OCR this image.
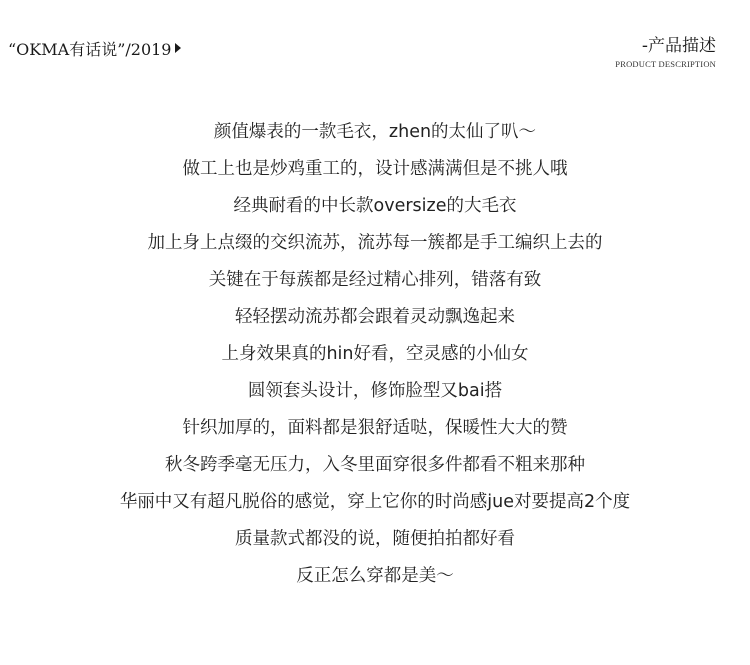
“OKMA有话说”/2019	-产品描述
PRODUCT DESCRIPTION
颜值爆表的一款毛衣，zhen的太仙了叭～
做工上也是炒鸡重工的，设计感满满但是不挑人哦
经典耐看的中长款oversize的大毛衣
加上身上点缀的交织流苏，流苏每一簇都是手工编织上去的
关键在于每蔟都是经过精心排列，错落有致
轻轻摆动流苏都会跟着灵动飘逸起来
上身效果真的hin好看，空灵感的小仙女
圆领套头设计，修饰脸型又bai搭
针织加厚的，面料都是狠舒适哒，保暖性大大的赞
秋冬跨季毫无压力，入冬里面穿很多件都看不粗来那种
华丽中又有超凡脱俗的感觉，穿上它你的时尚感jue对要提高2个度
质量款式都没的说，随便拍拍都好看
反正怎么穿都是美～
